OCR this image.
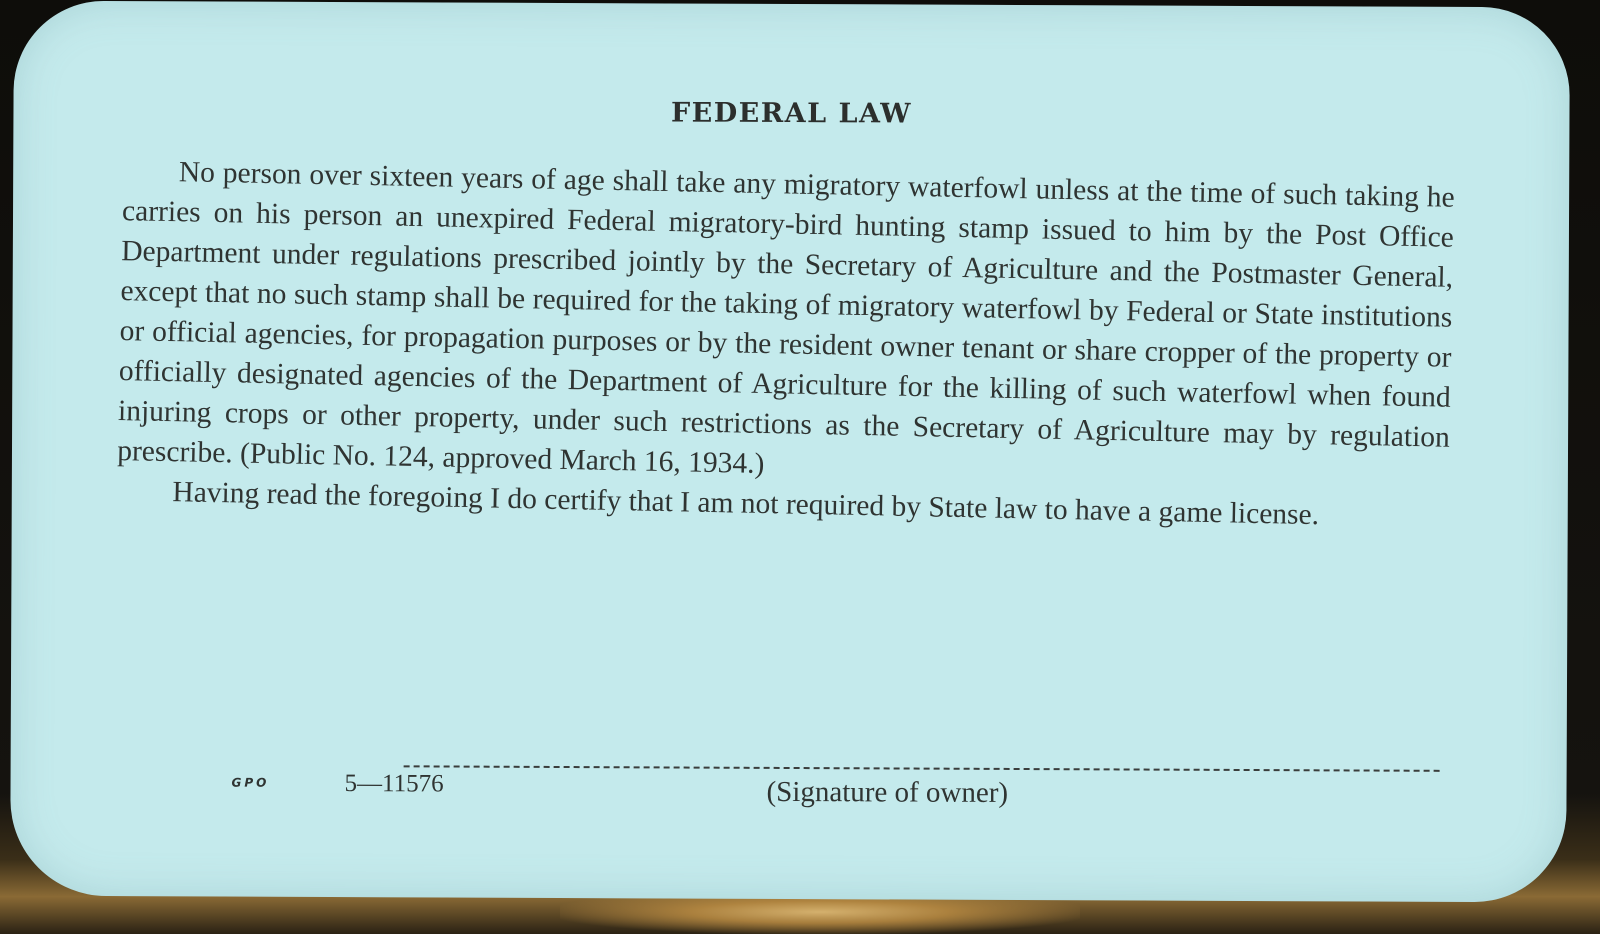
FEDERAL LAW

No person over sixteen years of age shall take any migratory waterfowl unless at the time of such taking he carries on his person an unexpired Federal migratory-bird hunting stamp issued to him by the Post Office Department under regulations prescribed jointly by the Secretary of Agriculture and the Postmaster General, except that no such stamp shall be required for the taking of migratory waterfowl by Federal or State institutions or official agencies, for propagation purposes or by the resident owner tenant or share cropper of the property or officially designated agencies of the Department of Agriculture for the killing of such waterfowl when found injuring crops or other property, under such restrictions as the Secretary of Agriculture may by regulation prescribe. (Public No. 124, approved March 16, 1934.)

Having read the foregoing I do certify that I am not required by State law to have a game license.

(Signature of owner)
GPO	5—11576
